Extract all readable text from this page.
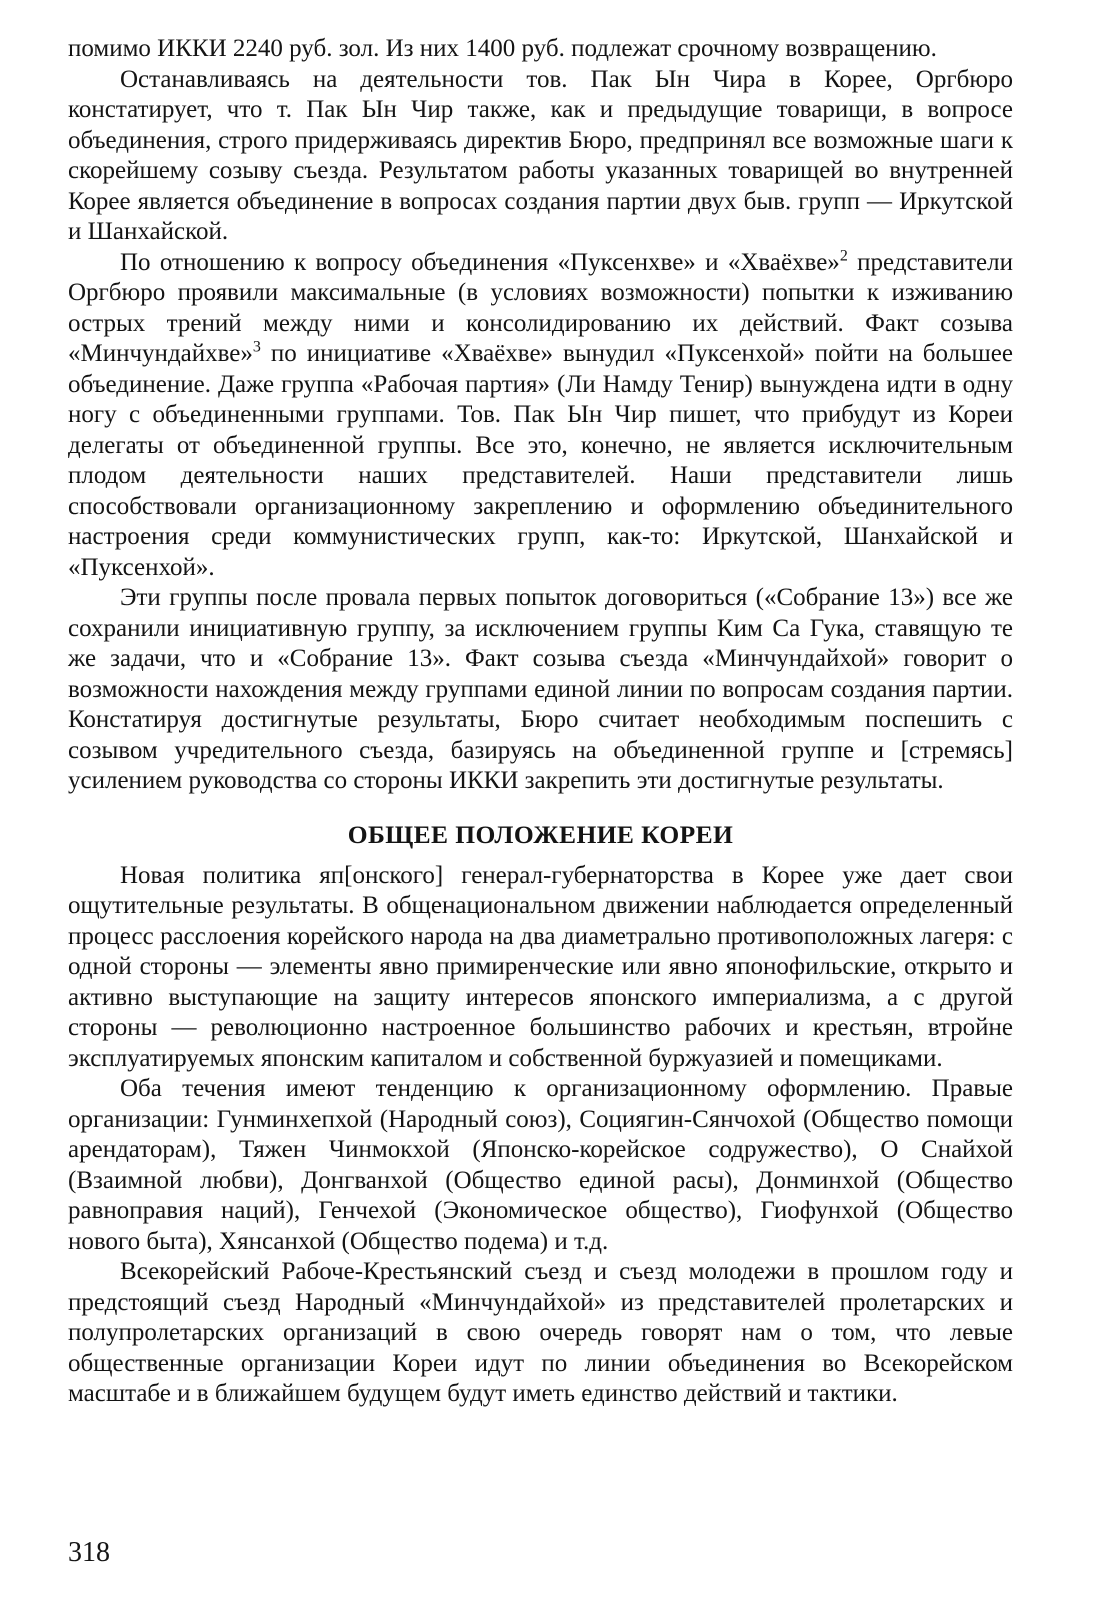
помимо ИККИ 2240 руб. зол. Из них 1400 руб. подлежат срочному возвращению.

Останавливаясь на деятельности тов. Пак Ын Чира в Корее, Оргбюро констатирует, что т. Пак Ын Чир также, как и предыдущие товарищи, в вопросе объединения, строго придерживаясь директив Бюро, предпринял все возможные шаги к скорейшему созыву съезда. Результатом работы указанных товарищей во внутренней Корее является объединение в вопросах создания партии двух быв. групп — Иркутской и Шанхайской.

По отношению к вопросу объединения «Пуксенхве» и «Хваёхве»$^2$ представители Оргбюро проявили максимальные (в условиях возможности) попытки к изживанию острых трений между ними и консолидированию их действий. Факт созыва «Минчундайхве»$^3$ по инициативе «Хваёхве» вынудил «Пуксенхой» пойти на большее объединение. Даже группа «Рабочая партия» (Ли Намду Тенир) вынуждена идти в одну ногу с объединенными группами. Тов. Пак Ын Чир пишет, что прибудут из Кореи делегаты от объединенной группы. Все это, конечно, не является исключительным плодом деятельности наших представителей. Наши представители лишь способствовали организационному закреплению и оформлению объединительного настроения среди коммунистических групп, как-то: Иркутской, Шанхайской и «Пуксенхой».

Эти группы после провала первых попыток договориться («Собрание 13») все же сохранили инициативную группу, за исключением группы Ким Са Гука, ставящую те же задачи, что и «Собрание 13». Факт созыва съезда «Минчундайхой» говорит о возможности нахождения между группами единой линии по вопросам создания партии. Констатируя достигнутые результаты, Бюро считает необходимым поспешить с созывом учредительного съезда, базируясь на объединенной группе и [стремясь] усилением руководства со стороны ИККИ закрепить эти достигнутые результаты.

ОБЩЕЕ ПОЛОЖЕНИЕ КОРЕИ

Новая политика яп[онского] генерал-губернаторства в Корее уже дает свои ощутительные результаты. В общенациональном движении наблюдается определенный процесс расслоения корейского народа на два диаметрально противоположных лагеря: с одной стороны — элементы явно примиренческие или явно японофильские, открыто и активно выступающие на защиту интересов японского империализма, а с другой стороны — революционно настроенное большинство рабочих и крестьян, втройне эксплуатируемых японским капиталом и собственной буржуазией и помещиками.

Оба течения имеют тенденцию к организационному оформлению. Правые организации: Гунминхепхой (Народный союз), Социягин-Сянчохой (Общество помощи арендаторам), Тяжен Чинмокхой (Японско-корейское содружество), О Снайхой (Взаимной любви), Донгванхой (Общество единой расы), Донминхой (Общество равноправия наций), Генчехой (Экономическое общество), Гиофунхой (Общество нового быта), Хянсанхой (Общество подема) и т.д.

Всекорейский Рабоче-Крестьянский съезд и съезд молодежи в прошлом году и предстоящий съезд Народный «Минчундайхой» из представителей пролетарских и полупролетарских организаций в свою очередь говорят нам о том, что левые общественные организации Кореи идут по линии объединения во Всекорейском масштабе и в ближайшем будущем будут иметь единство действий и тактики.

318
